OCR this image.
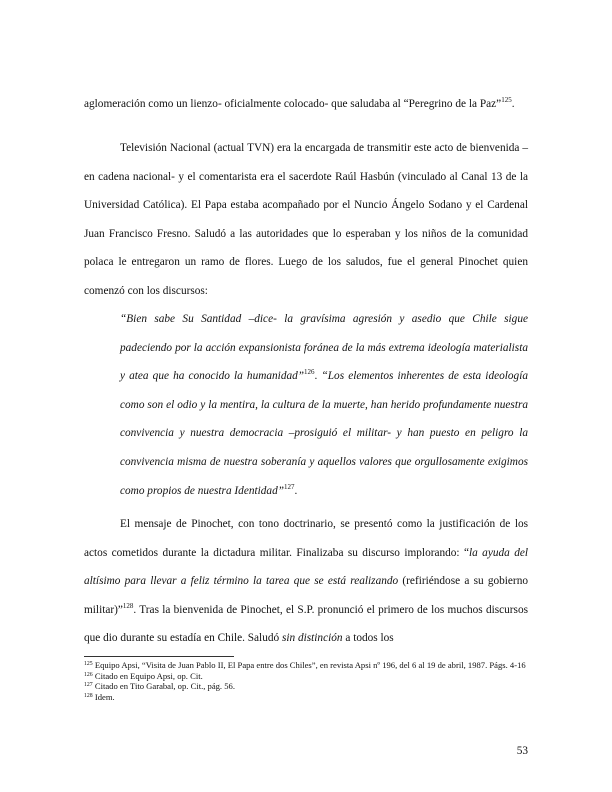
aglomeración como un lienzo- oficialmente colocado- que saludaba al “Peregrino de la Paz”$^{125}$.

Televisión Nacional (actual TVN) era la encargada de transmitir este acto de bienvenida –en cadena nacional- y el comentarista era el sacerdote Raúl Hasbún (vinculado al Canal 13 de la Universidad Católica). El Papa estaba acompañado por el Nuncio Ángelo Sodano y el Cardenal Juan Francisco Fresno. Saludó a las autoridades que lo esperaban y los niños de la comunidad polaca le entregaron un ramo de flores. Luego de los saludos, fue el general Pinochet quien comenzó con los discursos:

“Bien sabe Su Santidad –dice- la gravísima agresión y asedio que Chile sigue padeciendo por la acción expansionista foránea de la más extrema ideología materialista y atea que ha conocido la humanidad”$^{126}$. “Los elementos inherentes de esta ideología como son el odio y la mentira, la cultura de la muerte, han herido profundamente nuestra convivencia y nuestra democracia –prosiguió el militar- y han puesto en peligro la convivencia misma de nuestra soberanía y aquellos valores que orgullosamente exigimos como propios de nuestra Identidad”$^{127}$.

El mensaje de Pinochet, con tono doctrinario, se presentó como la justificación de los actos cometidos durante la dictadura militar. Finalizaba su discurso implorando: “la ayuda del altísimo para llevar a feliz término la tarea que se está realizando (refiriéndose a su gobierno militar)”$^{128}$. Tras la bienvenida de Pinochet, el S.P. pronunció el primero de los muchos discursos que dio durante su estadía en Chile. Saludó sin distinción a todos los

$^{125}$ Equipo Apsi, “Visita de Juan Pablo II, El Papa entre dos Chiles”, en revista Apsi nº 196, del 6 al 19 de abril, 1987. Págs. 4-16
$^{126}$ Citado en Equipo Apsi, op. Cit.
$^{127}$ Citado en Tito Garabal, op. Cit., pág. 56.
$^{128}$ Idem.
53
